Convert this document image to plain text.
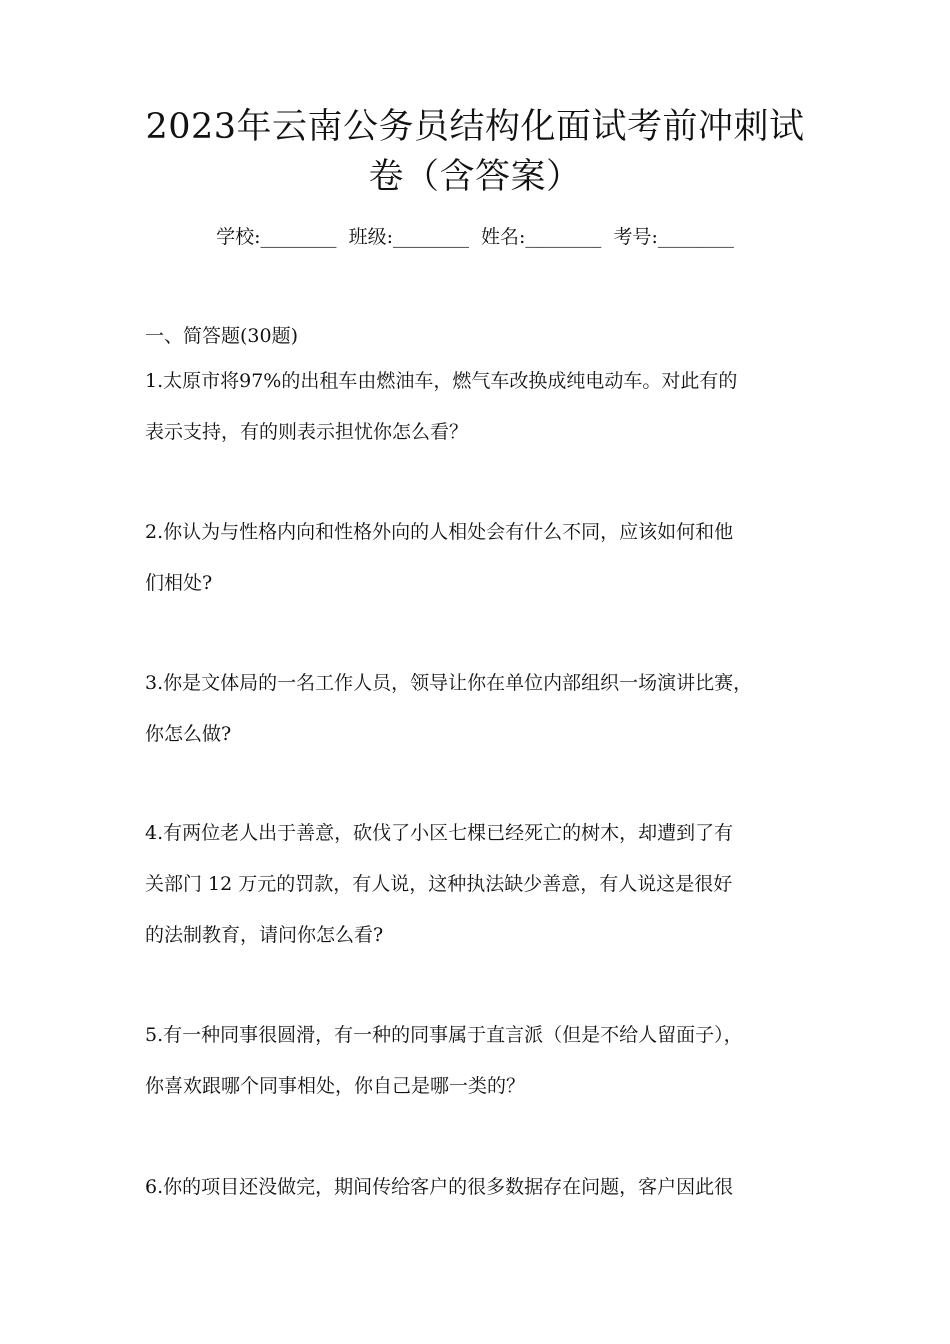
2023年云南公务员结构化面试考前冲刺试
卷（含答案）
学校:________ 班级:________ 姓名:________ 考号:________
一、简答题(30题)

1.太原市将97%的出租车由燃油车，燃气车改换成纯电动车。对此有的

表示支持，有的则表示担忧你怎么看？

2.你认为与性格内向和性格外向的人相处会有什么不同，应该如何和他

们相处?

3.你是文体局的一名工作人员，领导让你在单位内部组织一场演讲比赛，

你怎么做?

4.有两位老人出于善意，砍伐了小区七棵已经死亡的树木，却遭到了有

关部门 12 万元的罚款，有人说，这种执法缺少善意，有人说这是很好

的法制教育，请问你怎么看?

5.有一种同事很圆滑，有一种的同事属于直言派（但是不给人留面子），

你喜欢跟哪个同事相处，你自己是哪一类的？

6.你的项目还没做完，期间传给客户的很多数据存在问题，客户因此很
